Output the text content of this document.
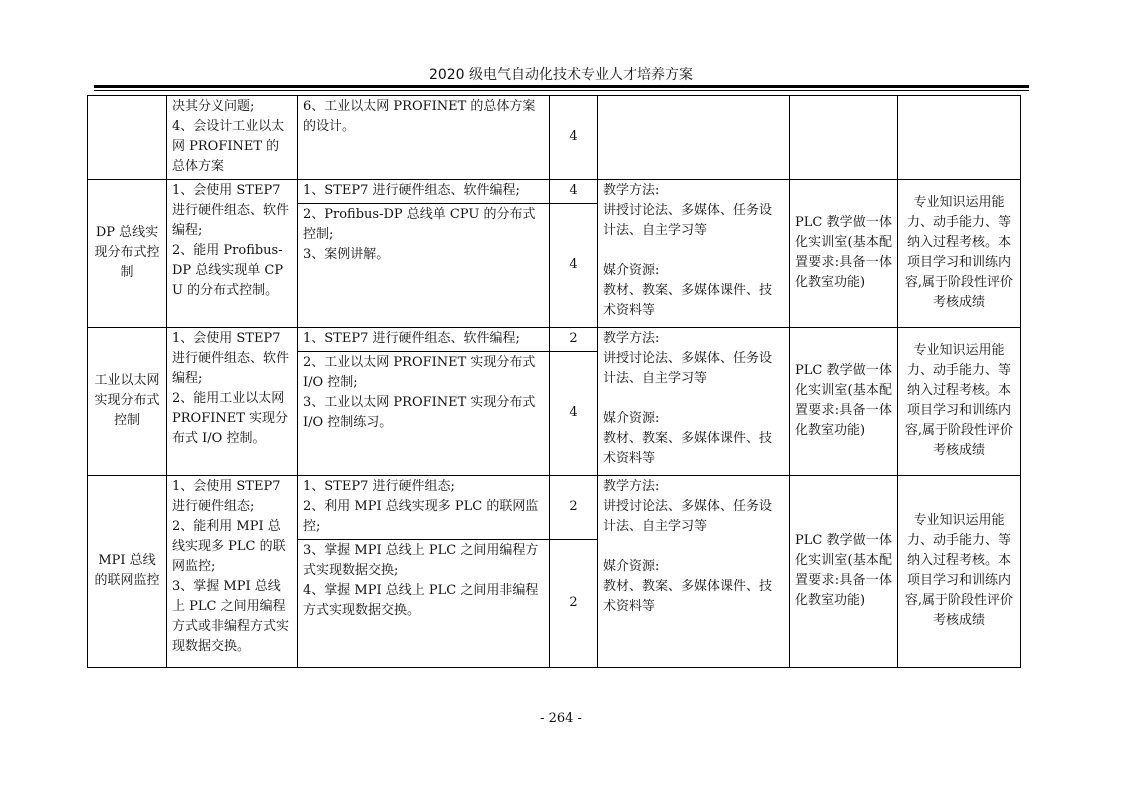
2020 级电气自动化技术专业人才培养方案

	决其分义问题;
4、会设计工业以太网 PROFINET 的总体方案	6、工业以太网 PROFINET 的总体方案的设计。	4			

DP 总线实现分布式控制	1、会使用 STEP7 进行硬件组态、软件编程;
2、能用 Profibus-DP 总线实现单 CPU 的分布式控制。	1、STEP7 进行硬件组态、软件编程;	4	教学方法:
讲授讨论法、多媒体、任务设计法、自主学习等

媒介资源:
教材、教案、多媒体课件、技术资料等	PLC 教学做一体化实训室(基本配置要求:具备一体化教室功能)	专业知识运用能力、动手能力、等纳入过程考核。本项目学习和训练内容,属于阶段性评价考核成绩

		2、Profibus-DP 总线单 CPU 的分布式控制;
3、案例讲解。	4			

工业以太网实现分布式控制	1、会使用 STEP7 进行硬件组态、软件编程;
2、能用工业以太网 PROFINET 实现分布式 I/O 控制。	1、STEP7 进行硬件组态、软件编程;	2	教学方法:
讲授讨论法、多媒体、任务设计法、自主学习等

媒介资源:
教材、教案、多媒体课件、技术资料等	PLC 教学做一体化实训室(基本配置要求:具备一体化教室功能)	专业知识运用能力、动手能力、等纳入过程考核。本项目学习和训练内容,属于阶段性评价考核成绩

		2、工业以太网 PROFINET 实现分布式 I/O 控制;
3、工业以太网 PROFINET 实现分布式 I/O 控制练习。	4			

MPI 总线的联网监控	1、会使用 STEP7 进行硬件组态;
2、能利用 MPI 总线实现多 PLC 的联网监控;
3、掌握 MPI 总线上 PLC 之间用编程方式或非编程方式实现数据交换。	1、STEP7 进行硬件组态;
2、利用 MPI 总线实现多 PLC 的联网监控;	2	教学方法:
讲授讨论法、多媒体、任务设计法、自主学习等

媒介资源:
教材、教案、多媒体课件、技术资料等	PLC 教学做一体化实训室(基本配置要求:具备一体化教室功能)	专业知识运用能力、动手能力、等纳入过程考核。本项目学习和训练内容,属于阶段性评价考核成绩

		3、掌握 MPI 总线上 PLC 之间用编程方式实现数据交换;
4、掌握 MPI 总线上 PLC 之间用非编程方式实现数据交换。	2			
- 264 -
